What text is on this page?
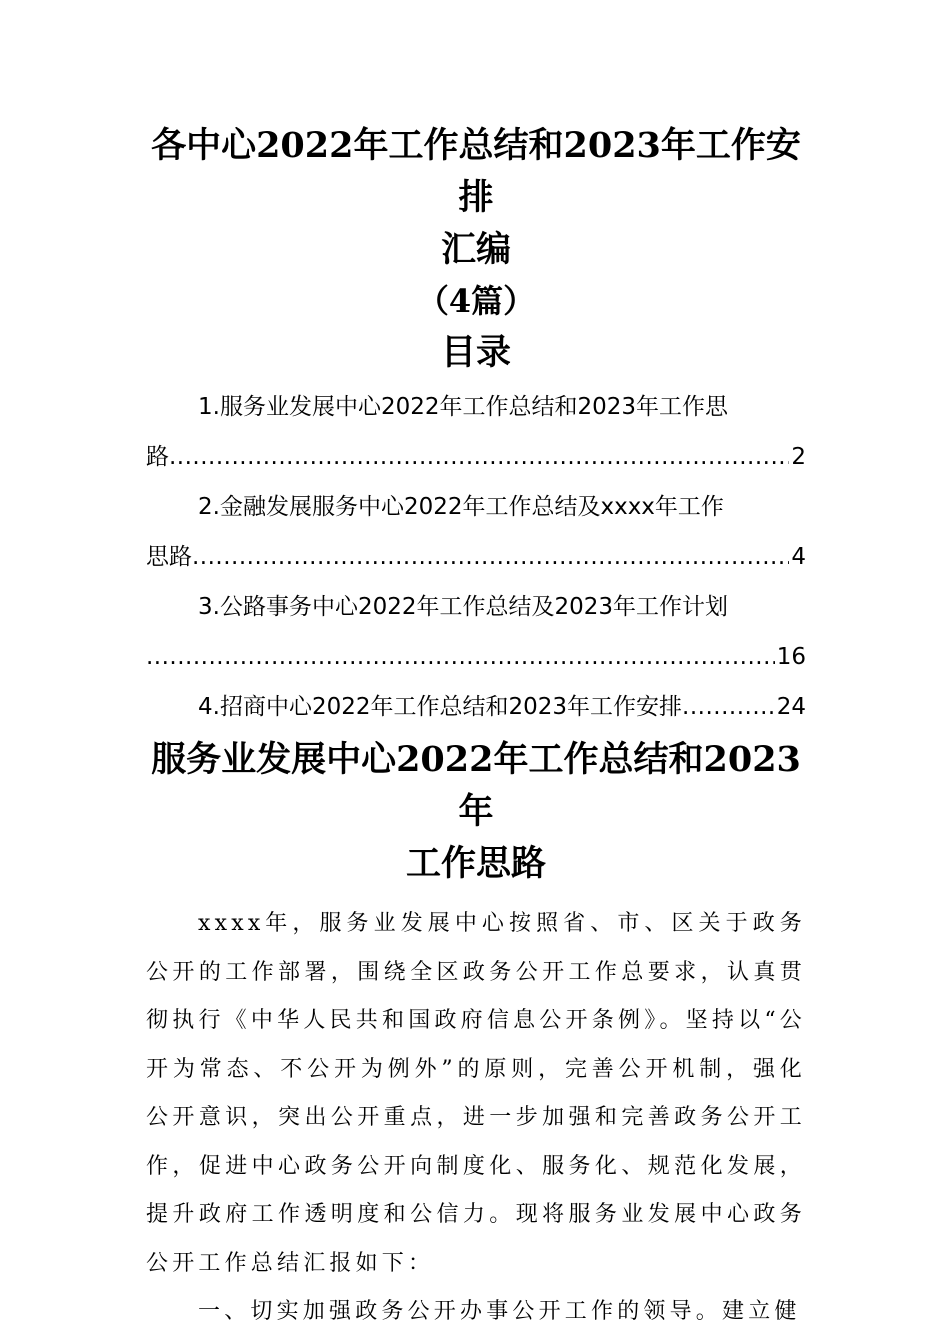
各中心2022年工作总结和2023年工作安排
汇编

（4篇）

目录
1.服务业发展中心2022年工作总结和2023年工作思
路 .....	2
2.金融发展服务中心2022年工作总结及xxxx年工作
思路 .....	4
3.公路事务中心2022年工作总结及2023年工作计划
.....
16
4.招商中心2022年工作总结和2023年工作安排 .....	24
服务业发展中心2022年工作总结和2023年
工作思路

xxxx年，服务业发展中心按照省、市、区关于政务公开的工作部署，围绕全区政务公开工作总要求，认真贯彻执行《中华人民共和国政府信息公开条例》。坚持以“公开为常态、不公开为例外”的原则，完善公开机制，强化公开意识，突出公开重点，进一步加强和完善政务公开工作，促进中心政务公开向制度化、服务化、规范化发展，提升政府工作透明度和公信力。现将服务业发展中心政务公开工作总结汇报如下：

一、切实加强政务公开办事公开工作的领导。建立健
